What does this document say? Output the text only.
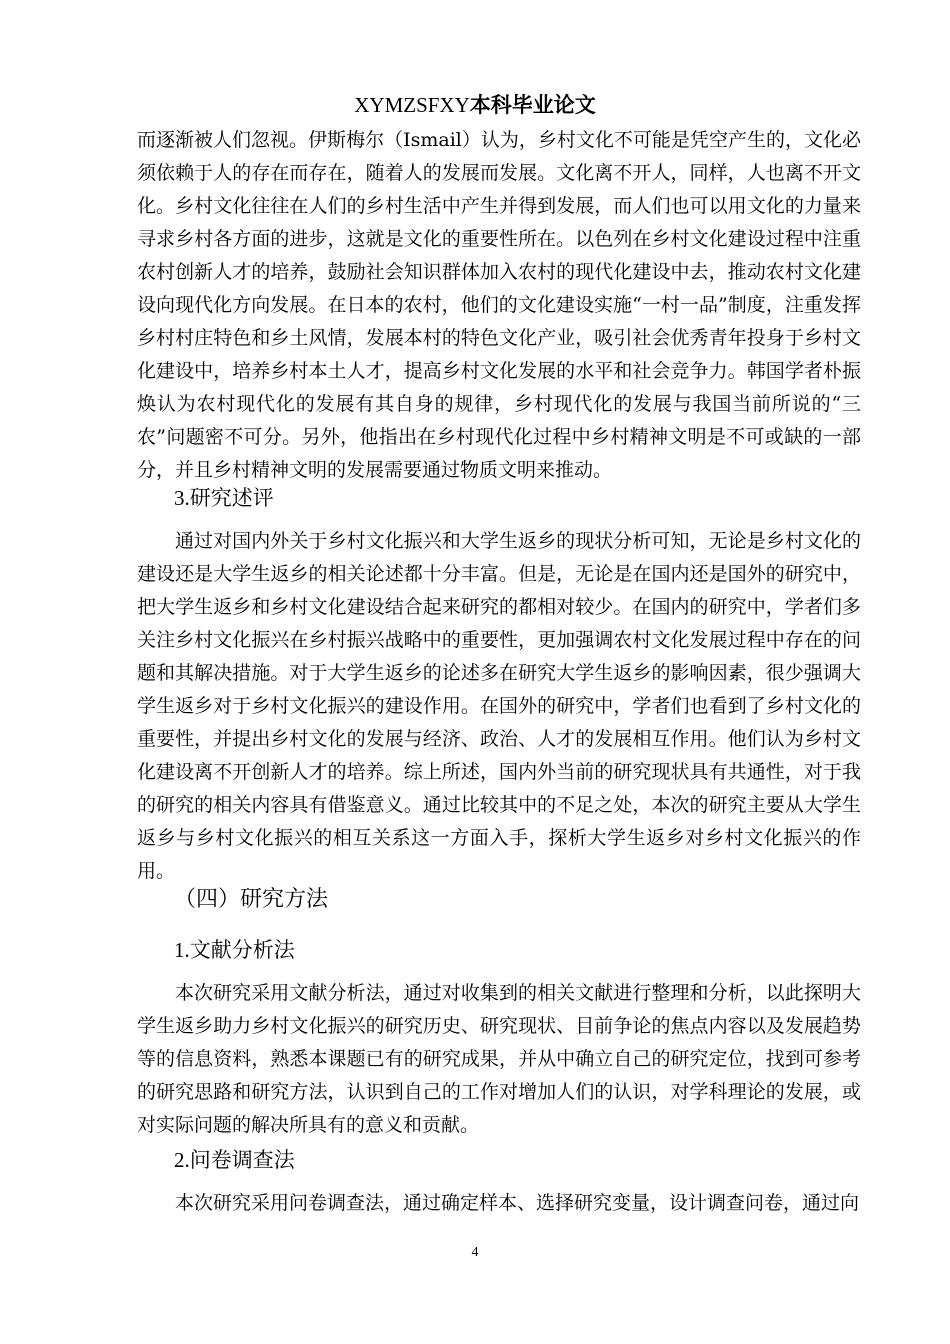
XYMZSFXY本科毕业论文
而逐渐被人们忽视。伊斯梅尔（Ismail）认为，乡村文化不可能是凭空产生的，文化必须依赖于人的存在而存在，随着人的发展而发展。文化离不开人，同样，人也离不开文化。乡村文化往往在人们的乡村生活中产生并得到发展，而人们也可以用文化的力量来寻求乡村各方面的进步，这就是文化的重要性所在。以色列在乡村文化建设过程中注重农村创新人才的培养，鼓励社会知识群体加入农村的现代化建设中去，推动农村文化建设向现代化方向发展。在日本的农村，他们的文化建设实施“一村一品”制度，注重发挥乡村村庄特色和乡土风情，发展本村的特色文化产业，吸引社会优秀青年投身于乡村文化建设中，培养乡村本土人才，提高乡村文化发展的水平和社会竞争力。韩国学者朴振焕认为农村现代化的发展有其自身的规律，乡村现代化的发展与我国当前所说的“三农”问题密不可分。另外，他指出在乡村现代化过程中乡村精神文明是不可或缺的一部分，并且乡村精神文明的发展需要通过物质文明来推动。
3.研究述评
通过对国内外关于乡村文化振兴和大学生返乡的现状分析可知，无论是乡村文化的建设还是大学生返乡的相关论述都十分丰富。但是，无论是在国内还是国外的研究中，把大学生返乡和乡村文化建设结合起来研究的都相对较少。在国内的研究中，学者们多关注乡村文化振兴在乡村振兴战略中的重要性，更加强调农村文化发展过程中存在的问题和其解决措施。对于大学生返乡的论述多在研究大学生返乡的影响因素，很少强调大学生返乡对于乡村文化振兴的建设作用。在国外的研究中，学者们也看到了乡村文化的重要性，并提出乡村文化的发展与经济、政治、人才的发展相互作用。他们认为乡村文化建设离不开创新人才的培养。综上所述，国内外当前的研究现状具有共通性，对于我的研究的相关内容具有借鉴意义。通过比较其中的不足之处，本次的研究主要从大学生返乡与乡村文化振兴的相互关系这一方面入手，探析大学生返乡对乡村文化振兴的作用。
（四）研究方法
1.文献分析法
本次研究采用文献分析法，通过对收集到的相关文献进行整理和分析，以此探明大学生返乡助力乡村文化振兴的研究历史、研究现状、目前争论的焦点内容以及发展趋势等的信息资料，熟悉本课题已有的研究成果，并从中确立自己的研究定位，找到可参考的研究思路和研究方法，认识到自己的工作对增加人们的认识，对学科理论的发展，或对实际问题的解决所具有的意义和贡献。
2.问卷调查法
本次研究采用问卷调查法，通过确定样本、选择研究变量，设计调查问卷，通过向
4
